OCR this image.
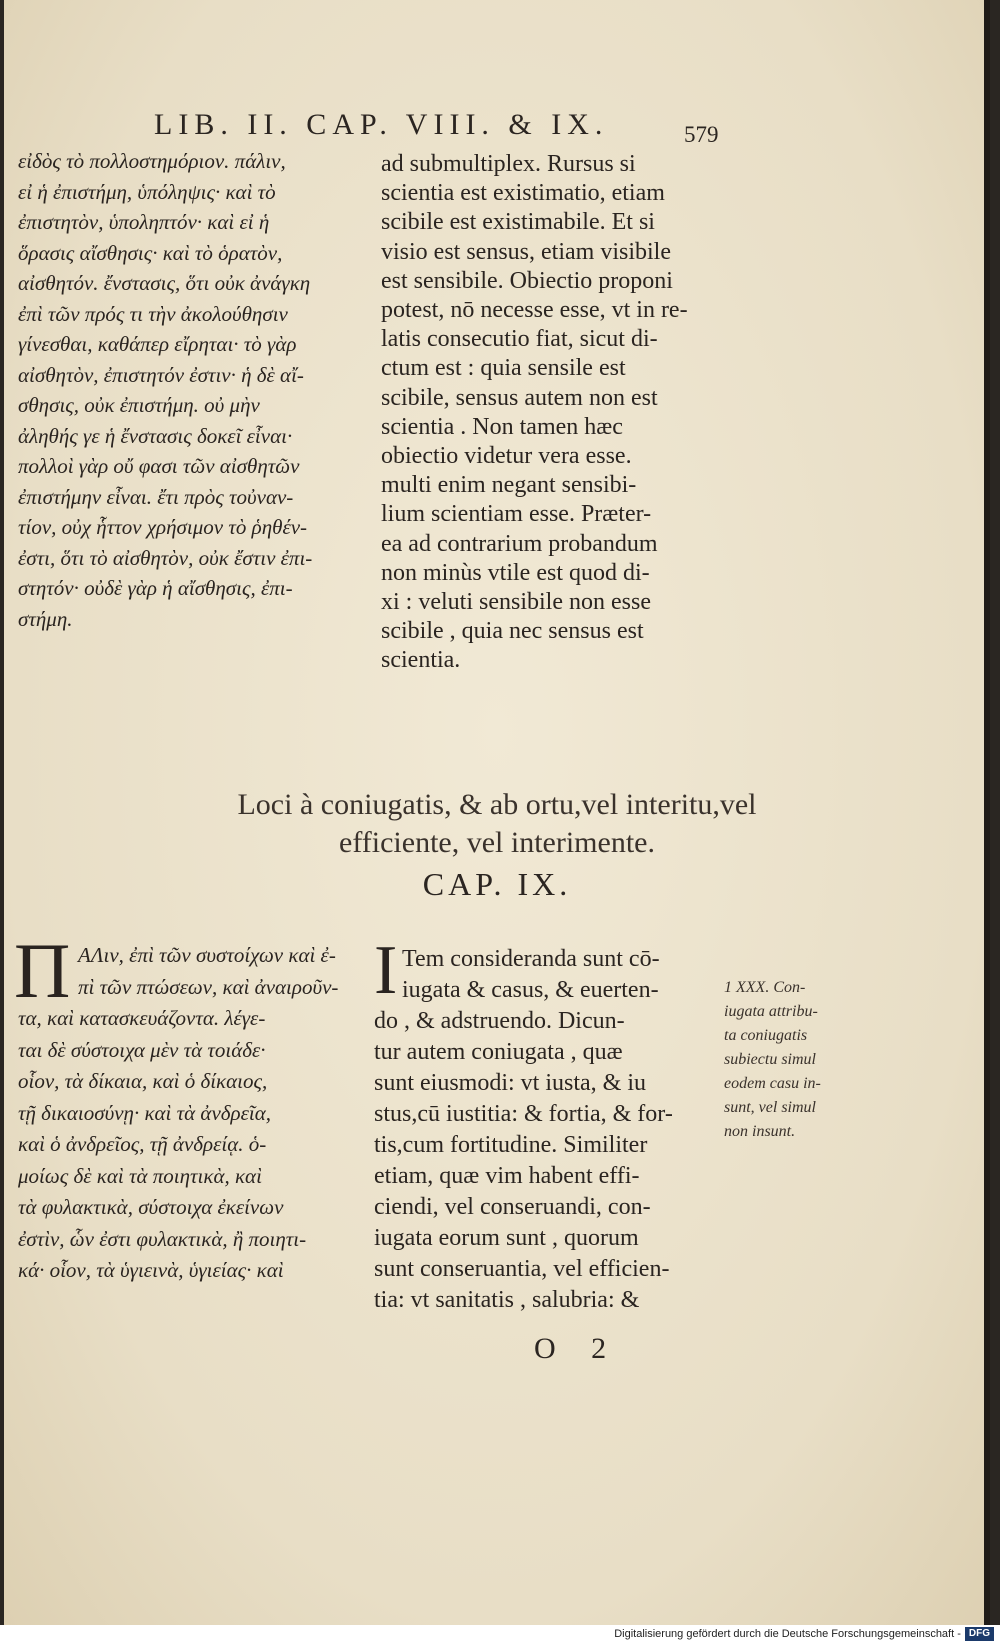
LIB. II. CAP. VIII. & IX.	579
εἰδὸς τὸ πολλοστημόριον. πάλιν,
εἰ ἡ ἐπιστήμη, ὑπόληψις· καὶ τὸ
ἐπιστητὸν, ὑποληπτόν· καὶ εἰ ἡ
ὅρασις αἴσθησις· καὶ τὸ ὁρατὸν,
αἰσθητόν. ἔνστασις, ὅτι οὐκ ἀνάγκη
ἐπὶ τῶν πρός τι τὴν ἀκολούθησιν
γίνεσθαι, καθάπερ εἴρηται· τὸ γὰρ
αἰσθητὸν, ἐπιστητόν ἐστιν· ἡ δὲ αἴ-
σθησις, οὐκ ἐπιστήμη. οὐ μὴν
ἀληθής γε ἡ ἔνστασις δοκεῖ εἶναι·
πολλοὶ γὰρ οὔ φασι τῶν αἰσθητῶν
ἐπιστήμην εἶναι. ἔτι πρὸς τοὐναν-
τίον, οὐχ ἧττον χρήσιμον τὸ ῥηθέν-
ἐστι, ὅτι τὸ αἰσθητὸν, οὐκ ἔστιν ἐπι-
στητόν· οὐδὲ γὰρ ἡ αἴσθησις, ἐπι-
στήμη.
ad submultiplex. Rursus si
scientia est existimatio, etiam
scibile est existimabile. Et si
visio est sensus, etiam visibile
est sensibile. Obiectio proponi
potest, nō necesse esse, vt in re-
latis consecutio fiat, sicut di-
ctum est : quia sensile est
scibile, sensus autem non est
scientia . Non tamen hæc
obiectio videtur vera esse.
multi enim negant sensibi-
lium scientiam esse. Præter-
ea ad contrarium probandum
non minùs vtile est quod di-
xi : veluti sensibile non esse
scibile , quia nec sensus est
scientia.
Loci à coniugatis, & ab ortu,vel interitu,vel
efficiente, vel interimente.
CAP. IX.
Π ΑΛιν, ἐπὶ τῶν συστοίχων καὶ ἐ-
πὶ τῶν πτώσεων, καὶ ἀναιροῦν-
τα, καὶ κατασκευάζοντα. λέγε-
ται δὲ σύστοιχα μὲν τὰ τοιάδε·
οἷον, τὰ δίκαια, καὶ ὁ δίκαιος,
τῇ δικαιοσύνῃ· καὶ τὰ ἀνδρεῖα,
καὶ ὁ ἀνδρεῖος, τῇ ἀνδρείᾳ. ὁ-
μοίως δὲ καὶ τὰ ποιητικὰ, καὶ
τὰ φυλακτικὰ, σύστοιχα ἐκείνων
ἐστὶν, ὧν ἐστι φυλακτικὰ, ἢ ποιητι-
κά· οἷον, τὰ ὑγιεινὰ, ὑγιείας· καὶ
I Tem consideranda sunt cō-
iugata & casus, & euerten-
do , & adstruendo. Dicun-
tur autem coniugata , quæ
sunt eiusmodi: vt iusta, & iu
stus,cū iustitia: & fortia, & for-
tis,cum fortitudine. Similiter
etiam, quæ vim habent effi-
ciendi, vel conseruandi, con-
iugata eorum sunt , quorum
sunt conseruantia, vel efficien-
tia: vt sanitatis , salubria: &
1 XXX. Con-
iugata attribu-
ta coniugatis
subiectu simul
eodem casu in-
sunt, vel simul
non insunt.
O 2
Digitalisierung gefördert durch die Deutsche Forschungsgemeinschaft - DFG
